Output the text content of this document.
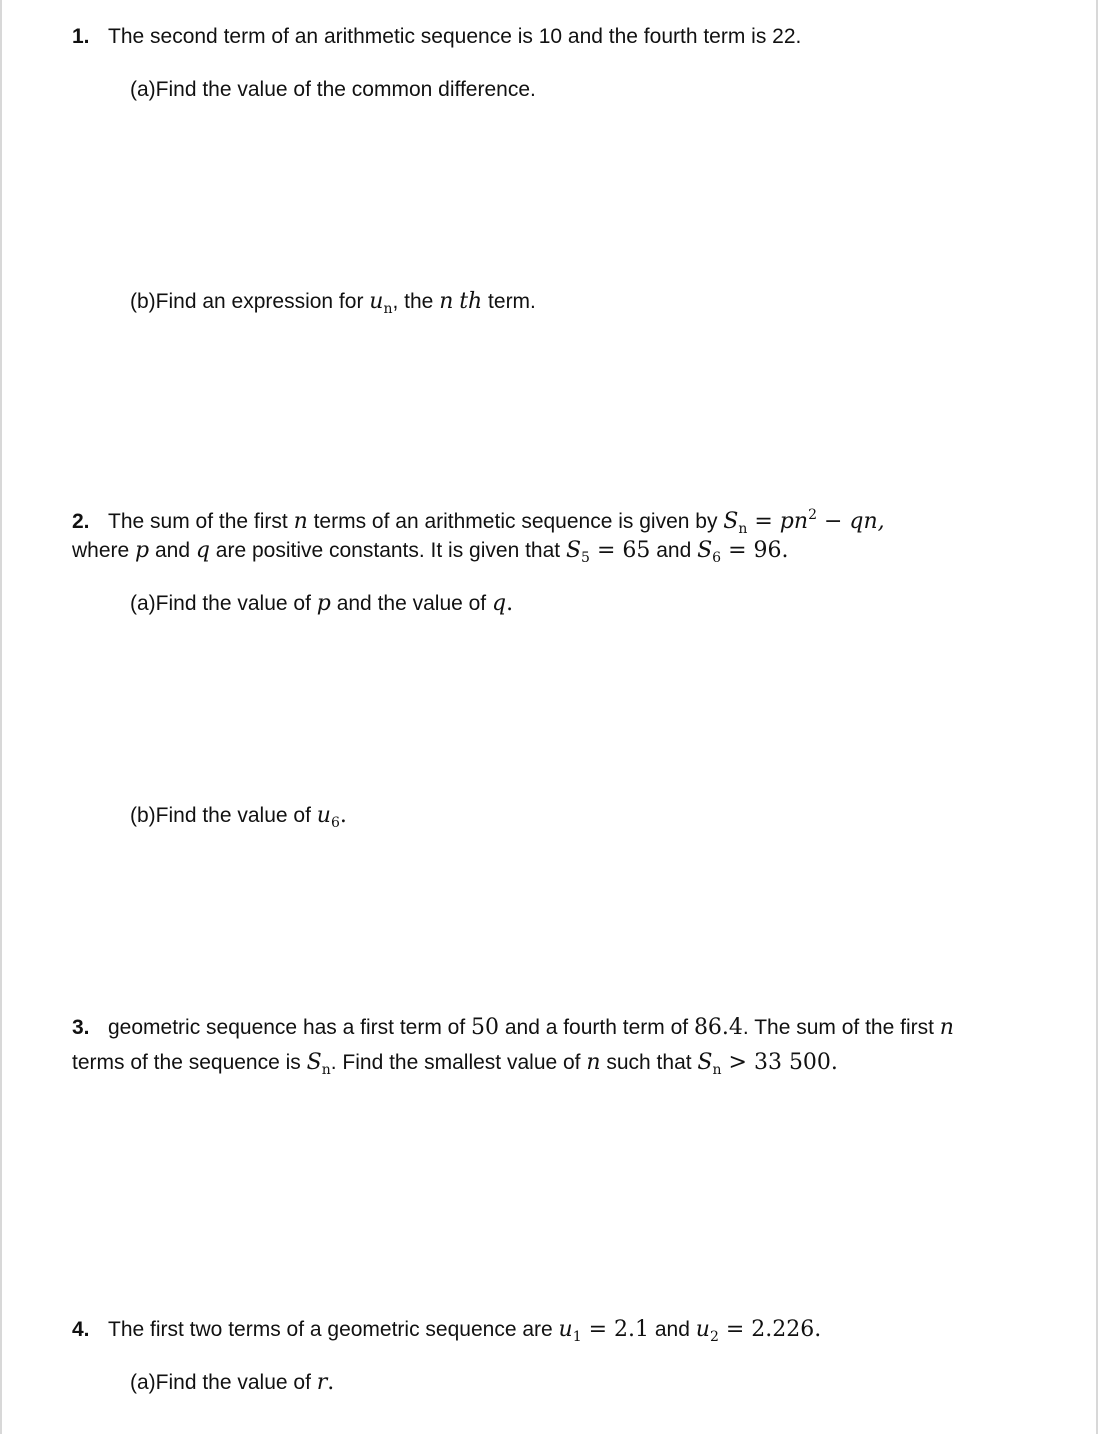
1. The second term of an arithmetic sequence is 10 and the fourth term is 22.
(a)Find the value of the common difference.
(b)Find an expression for $u_n$, the n th term.
2. The sum of the first n terms of an arithmetic sequence is given by $S_n = pn^2$ − qn,
where p and q are positive constants. It is given that $S_5 = 65$ and $S_6 = 96$.
(a)Find the value of p and the value of q.
(b)Find the value of $u_6$.
3. geometric sequence has a first term of 50 and a fourth term of 86.4. The sum of the first n
terms of the sequence is $S_n$. Find the smallest value of n such that $S_n > 33$ 500.
4. The first two terms of a geometric sequence are $u_1 = 2.1$ and $u_2 = 2.226$.
(a)Find the value of r.
